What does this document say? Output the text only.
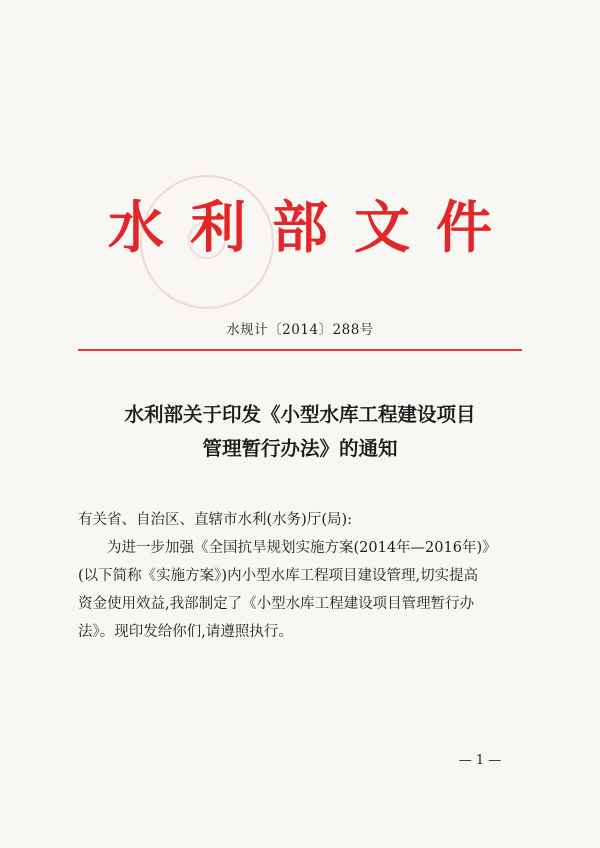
水利部文件
水规计〔2014〕288号
水利部关于印发《小型水库工程建设项目
管理暂行办法》的通知
有关省、自治区、直辖市水利(水务)厅(局):
为进一步加强《全国抗旱规划实施方案(2014年—2016年)》
(以下简称《实施方案》)内小型水库工程项目建设管理,切实提高
资金使用效益,我部制定了《小型水库工程建设项目管理暂行办
法》。现印发给你们,请遵照执行。
— 1 —
